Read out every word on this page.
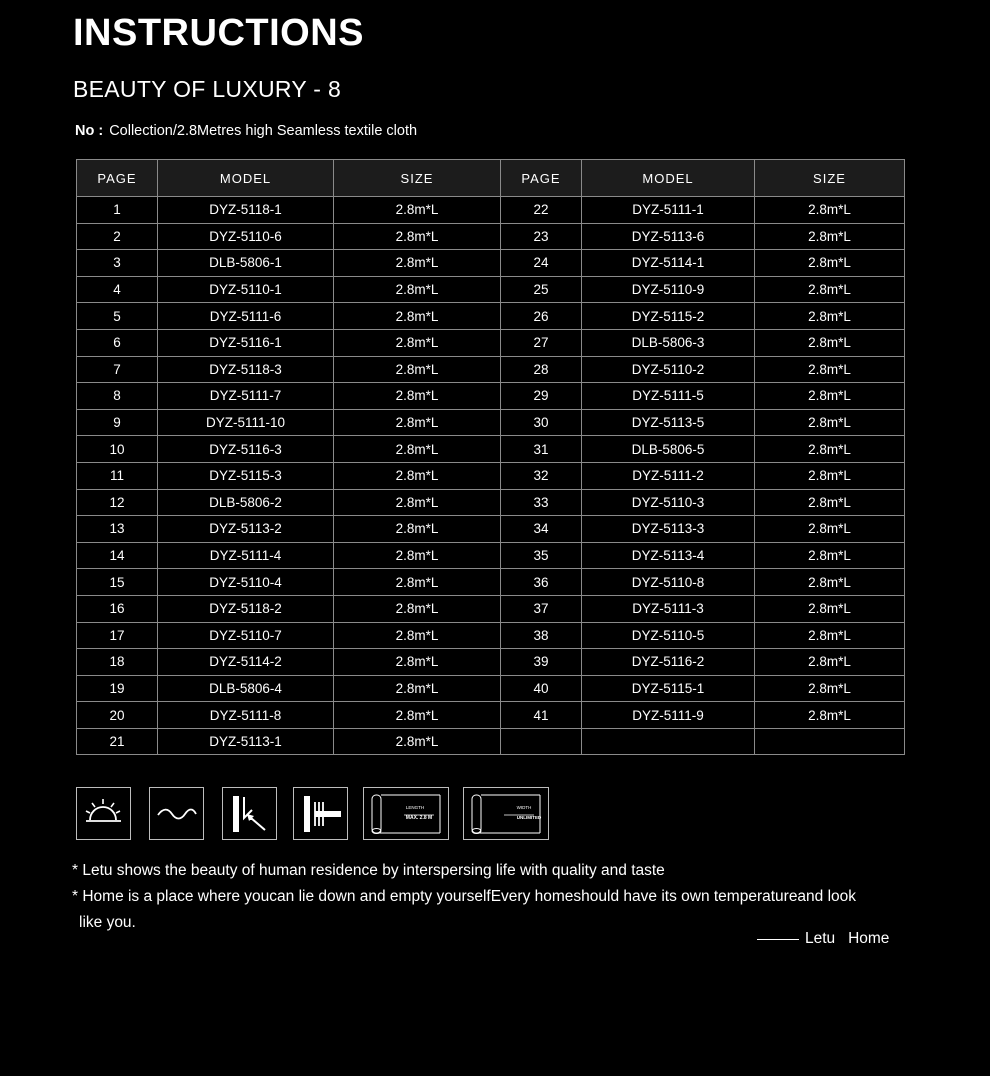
INSTRUCTIONS
BEAUTY OF LUXURY - 8
No : Collection/2.8Metres high Seamless textile cloth
PAGE	MODEL	SIZE	PAGE	MODEL	SIZE
1	DYZ-5118-1	2.8m*L	22	DYZ-5111-1	2.8m*L
2	DYZ-5110-6	2.8m*L	23	DYZ-5113-6	2.8m*L
3	DLB-5806-1	2.8m*L	24	DYZ-5114-1	2.8m*L
4	DYZ-5110-1	2.8m*L	25	DYZ-5110-9	2.8m*L
5	DYZ-5111-6	2.8m*L	26	DYZ-5115-2	2.8m*L
6	DYZ-5116-1	2.8m*L	27	DLB-5806-3	2.8m*L
7	DYZ-5118-3	2.8m*L	28	DYZ-5110-2	2.8m*L
8	DYZ-5111-7	2.8m*L	29	DYZ-5111-5	2.8m*L
9	DYZ-5111-10	2.8m*L	30	DYZ-5113-5	2.8m*L
10	DYZ-5116-3	2.8m*L	31	DLB-5806-5	2.8m*L
11	DYZ-5115-3	2.8m*L	32	DYZ-5111-2	2.8m*L
12	DLB-5806-2	2.8m*L	33	DYZ-5110-3	2.8m*L
13	DYZ-5113-2	2.8m*L	34	DYZ-5113-3	2.8m*L
14	DYZ-5111-4	2.8m*L	35	DYZ-5113-4	2.8m*L
15	DYZ-5110-4	2.8m*L	36	DYZ-5110-8	2.8m*L
16	DYZ-5118-2	2.8m*L	37	DYZ-5111-3	2.8m*L
17	DYZ-5110-7	2.8m*L	38	DYZ-5110-5	2.8m*L
18	DYZ-5114-2	2.8m*L	39	DYZ-5116-2	2.8m*L
19	DLB-5806-4	2.8m*L	40	DYZ-5115-1	2.8m*L
20	DYZ-5111-8	2.8m*L	41	DYZ-5111-9	2.8m*L
21	DYZ-5113-1	2.8m*L			
LENGTH
MAX. 2.8 M
WIDTH
UNLIMITED

* Letu shows the beauty of human residence by interspersing life with quality and taste

* Home is a place where youcan lie down and empty yourselfEvery homeshould have its own temperatureand look

like you.

Letu   Home
